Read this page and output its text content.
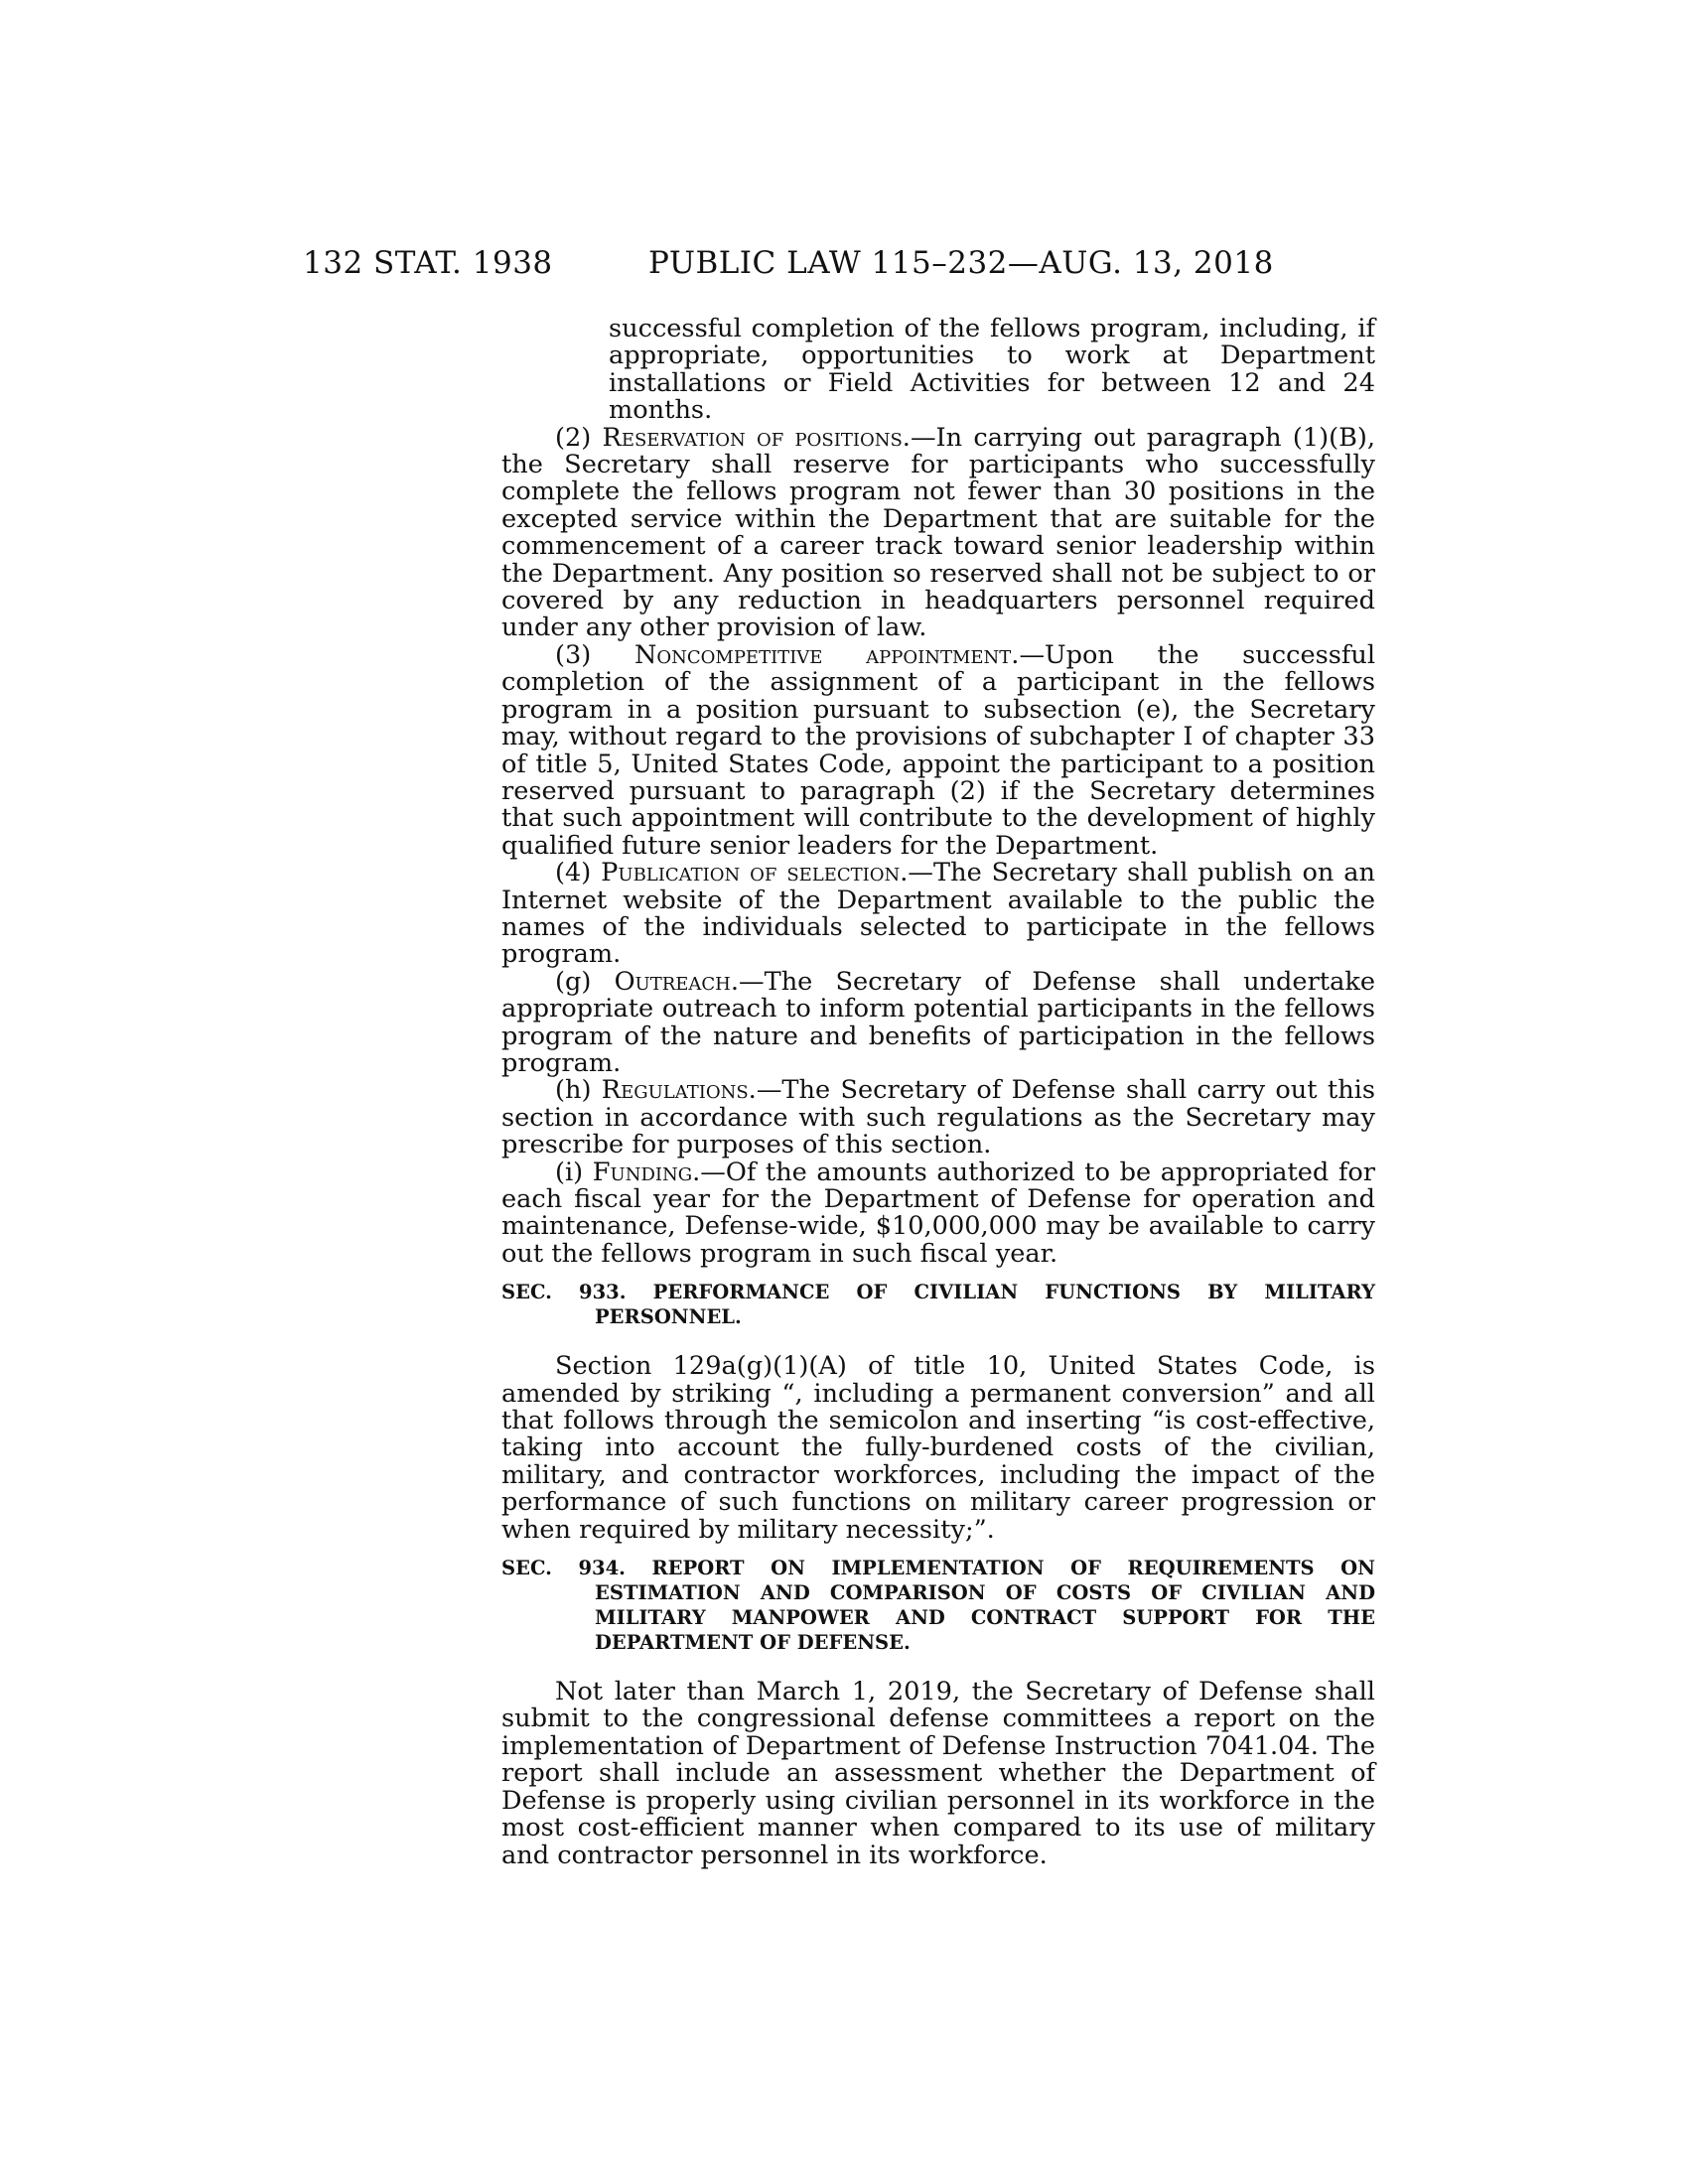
132 STAT. 1938	PUBLIC LAW 115–232—AUG. 13, 2018

successful completion of the fellows program, including, if appropriate, opportunities to work at Department installations or Field Activities for between 12 and 24 months.

(2) Reservation of positions.—In carrying out paragraph (1)(B), the Secretary shall reserve for participants who successfully complete the fellows program not fewer than 30 positions in the excepted service within the Department that are suitable for the commencement of a career track toward senior leadership within the Department. Any position so reserved shall not be subject to or covered by any reduction in headquarters personnel required under any other provision of law.

(3) Noncompetitive appointment.—Upon the successful completion of the assignment of a participant in the fellows program in a position pursuant to subsection (e), the Secretary may, without regard to the provisions of subchapter I of chapter 33 of title 5, United States Code, appoint the participant to a position reserved pursuant to paragraph (2) if the Secretary determines that such appointment will contribute to the development of highly qualified future senior leaders for the Department.

(4) Publication of selection.—The Secretary shall publish on an Internet website of the Department available to the public the names of the individuals selected to participate in the fellows program.

(g) Outreach.—The Secretary of Defense shall undertake appropriate outreach to inform potential participants in the fellows program of the nature and benefits of participation in the fellows program.

(h) Regulations.—The Secretary of Defense shall carry out this section in accordance with such regulations as the Secretary may prescribe for purposes of this section.

(i) Funding.—Of the amounts authorized to be appropriated for each fiscal year for the Department of Defense for operation and maintenance, Defense-wide, $10,000,000 may be available to carry out the fellows program in such fiscal year.

SEC. 933. PERFORMANCE OF CIVILIAN FUNCTIONS BY MILITARY PERSONNEL.

Section 129a(g)(1)(A) of title 10, United States Code, is amended by striking “, including a permanent conversion” and all that follows through the semicolon and inserting “is cost-effective, taking into account the fully-burdened costs of the civilian, military, and contractor workforces, including the impact of the performance of such functions on military career progression or when required by military necessity;”.

SEC. 934. REPORT ON IMPLEMENTATION OF REQUIREMENTS ON ESTIMATION AND COMPARISON OF COSTS OF CIVILIAN AND MILITARY MANPOWER AND CONTRACT SUPPORT FOR THE DEPARTMENT OF DEFENSE.

Not later than March 1, 2019, the Secretary of Defense shall submit to the congressional defense committees a report on the implementation of Department of Defense Instruction 7041.04. The report shall include an assessment whether the Department of Defense is properly using civilian personnel in its workforce in the most cost-efficient manner when compared to its use of military and contractor personnel in its workforce.
